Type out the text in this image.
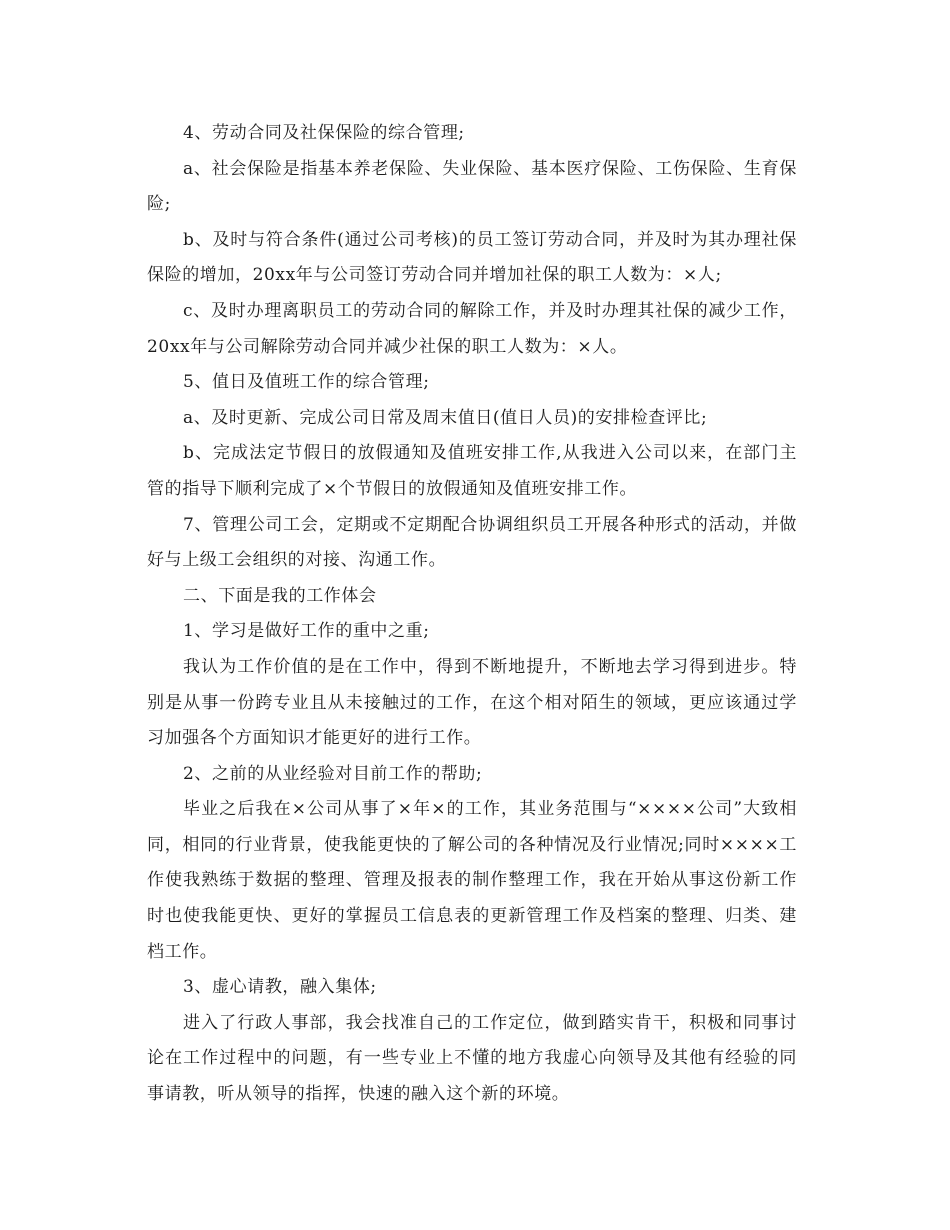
4、劳动合同及社保保险的综合管理;

a、社会保险是指基本养老保险、失业保险、基本医疗保险、工伤保险、生育保险;

b、及时与符合条件(通过公司考核)的员工签订劳动合同，并及时为其办理社保保险的增加，20xx年与公司签订劳动合同并增加社保的职工人数为：×人;

c、及时办理离职员工的劳动合同的解除工作，并及时办理其社保的减少工作，20xx年与公司解除劳动合同并减少社保的职工人数为：×人。

5、值日及值班工作的综合管理;

a、及时更新、完成公司日常及周末值日(值日人员)的安排检查评比;

b、完成法定节假日的放假通知及值班安排工作,从我进入公司以来，在部门主管的指导下顺利完成了×个节假日的放假通知及值班安排工作。

7、管理公司工会，定期或不定期配合协调组织员工开展各种形式的活动，并做好与上级工会组织的对接、沟通工作。

二、下面是我的工作体会

1、学习是做好工作的重中之重;

我认为工作价值的是在工作中，得到不断地提升，不断地去学习得到进步。特别是从事一份跨专业且从未接触过的工作，在这个相对陌生的领域，更应该通过学习加强各个方面知识才能更好的进行工作。

2、之前的从业经验对目前工作的帮助;

毕业之后我在×公司从事了×年×的工作，其业务范围与“××××公司”大致相同，相同的行业背景，使我能更快的了解公司的各种情况及行业情况;同时××××工作使我熟练于数据的整理、管理及报表的制作整理工作，我在开始从事这份新工作时也使我能更快、更好的掌握员工信息表的更新管理工作及档案的整理、归类、建档工作。

3、虚心请教，融入集体;

进入了行政人事部，我会找准自己的工作定位，做到踏实肯干，积极和同事讨论在工作过程中的问题，有一些专业上不懂的地方我虚心向领导及其他有经验的同事请教，听从领导的指挥，快速的融入这个新的环境。
